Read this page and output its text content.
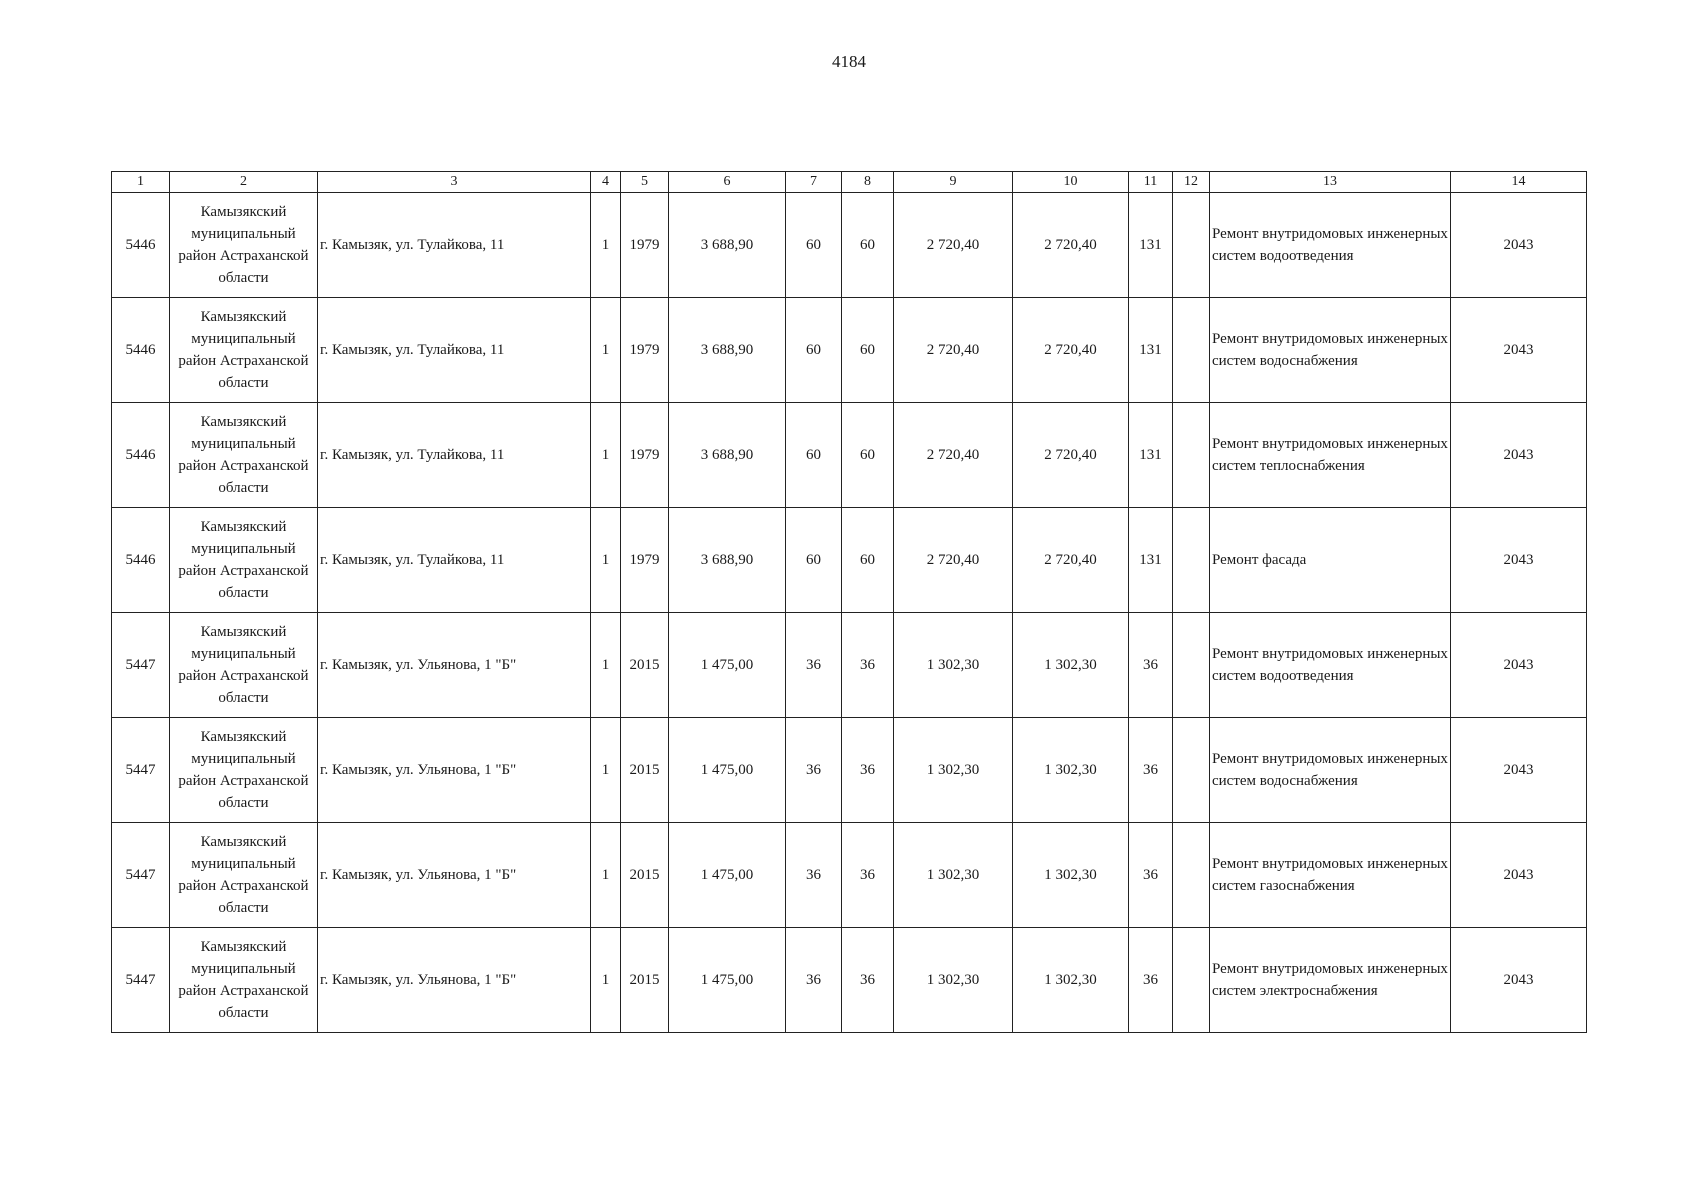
4184
1	2	3	4	5	6	7	8	9	10	11	12	13	14
5446	Камызякский муниципальный район Астраханской области	г. Камызяк, ул. Тулайкова, 11	1	1979	3 688,90	60	60	2 720,40	2 720,40	131		Ремонт внутридомовых инженерных систем водоотведения	2043
5446	Камызякский муниципальный район Астраханской области	г. Камызяк, ул. Тулайкова, 11	1	1979	3 688,90	60	60	2 720,40	2 720,40	131		Ремонт внутридомовых инженерных систем водоснабжения	2043
5446	Камызякский муниципальный район Астраханской области	г. Камызяк, ул. Тулайкова, 11	1	1979	3 688,90	60	60	2 720,40	2 720,40	131		Ремонт внутридомовых инженерных систем теплоснабжения	2043
5446	Камызякский муниципальный район Астраханской области	г. Камызяк, ул. Тулайкова, 11	1	1979	3 688,90	60	60	2 720,40	2 720,40	131		Ремонт фасада	2043
5447	Камызякский муниципальный район Астраханской области	г. Камызяк, ул. Ульянова, 1 "Б"	1	2015	1 475,00	36	36	1 302,30	1 302,30	36		Ремонт внутридомовых инженерных систем водоотведения	2043
5447	Камызякский муниципальный район Астраханской области	г. Камызяк, ул. Ульянова, 1 "Б"	1	2015	1 475,00	36	36	1 302,30	1 302,30	36		Ремонт внутридомовых инженерных систем водоснабжения	2043
5447	Камызякский муниципальный район Астраханской области	г. Камызяк, ул. Ульянова, 1 "Б"	1	2015	1 475,00	36	36	1 302,30	1 302,30	36		Ремонт внутридомовых инженерных систем газоснабжения	2043
5447	Камызякский муниципальный район Астраханской области	г. Камызяк, ул. Ульянова, 1 "Б"	1	2015	1 475,00	36	36	1 302,30	1 302,30	36		Ремонт внутридомовых инженерных систем электроснабжения	2043
